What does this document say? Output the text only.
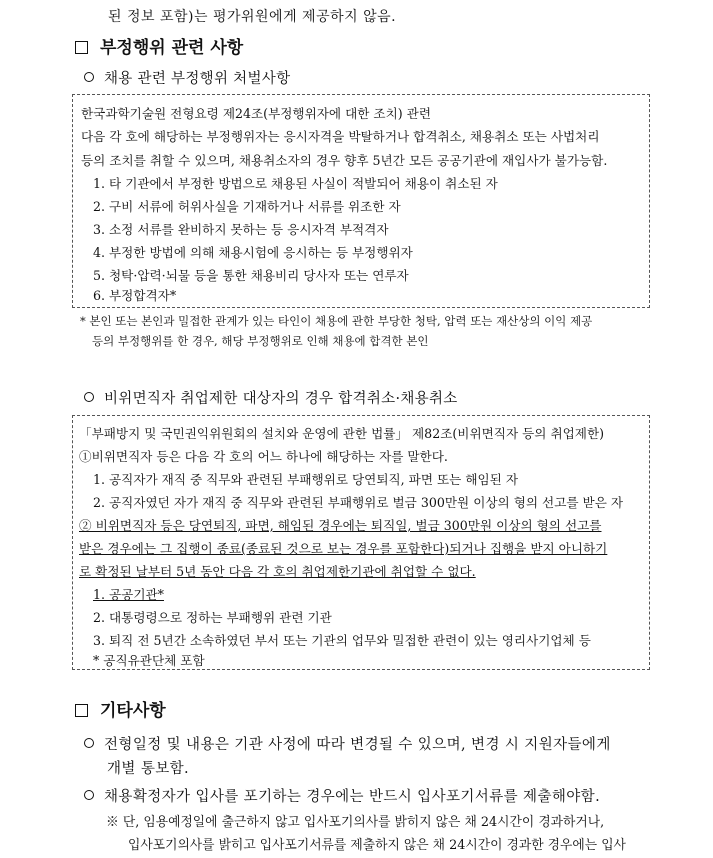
된 정보 포함)는 평가위원에게 제공하지 않음.
부정행위 관련 사항
채용 관련 부정행위 처벌사항
한국과학기술원 전형요령 제24조(부정행위자에 대한 조치) 관련
다음 각 호에 해당하는 부정행위자는 응시자격을 박탈하거나 합격취소, 채용취소 또는 사법처리
등의 조치를 취할 수 있으며, 채용취소자의 경우 향후 5년간 모든 공공기관에 재입사가 불가능함.
1. 타 기관에서 부정한 방법으로 채용된 사실이 적발되어 채용이 취소된 자
2. 구비 서류에 허위사실을 기재하거나 서류를 위조한 자
3. 소정 서류를 완비하지 못하는 등 응시자격 부적격자
4. 부정한 방법에 의해 채용시험에 응시하는 등 부정행위자
5. 청탁·압력·뇌물 등을 통한 채용비리 당사자 또는 연루자
6. 부정합격자*
* 본인 또는 본인과 밀접한 관계가 있는 타인이 채용에 관한 부당한 청탁, 압력 또는 재산상의 이익 제공
등의 부정행위를 한 경우, 해당 부정행위로 인해 채용에 합격한 본인
비위면직자 취업제한 대상자의 경우 합격취소·채용취소
「부패방지 및 국민권익위원회의 설치와 운영에 관한 법률」 제82조(비위면직자 등의 취업제한)
①비위면직자 등은 다음 각 호의 어느 하나에 해당하는 자를 말한다.
1. 공직자가 재직 중 직무와 관련된 부패행위로 당연퇴직, 파면 또는 해임된 자
2. 공직자였던 자가 재직 중 직무와 관련된 부패행위로 벌금 300만원 이상의 형의 선고를 받은 자
② 비위면직자 등은 당연퇴직, 파면, 해임된 경우에는 퇴직일, 벌금 300만원 이상의 형의 선고를
받은 경우에는 그 집행이 종료(종료된 것으로 보는 경우를 포함한다)되거나 집행을 받지 아니하기
로 확정된 날부터 5년 동안 다음 각 호의 취업제한기관에 취업할 수 없다.
1. 공공기관*
2. 대통령령으로 정하는 부패행위 관련 기관
3. 퇴직 전 5년간 소속하였던 부서 또는 기관의 업무와 밀접한 관련이 있는 영리사기업체 등
* 공직유관단체 포함
기타사항
전형일정 및 내용은 기관 사정에 따라 변경될 수 있으며, 변경 시 지원자들에게
개별 통보함.
채용확정자가 입사를 포기하는 경우에는 반드시 입사포기서류를 제출해야함.
※ 단, 임용예정일에 출근하지 않고 입사포기의사를 밝히지 않은 채 24시간이 경과하거나,
입사포기의사를 밝히고 입사포기서류를 제출하지 않은 채 24시간이 경과한 경우에는 입사
